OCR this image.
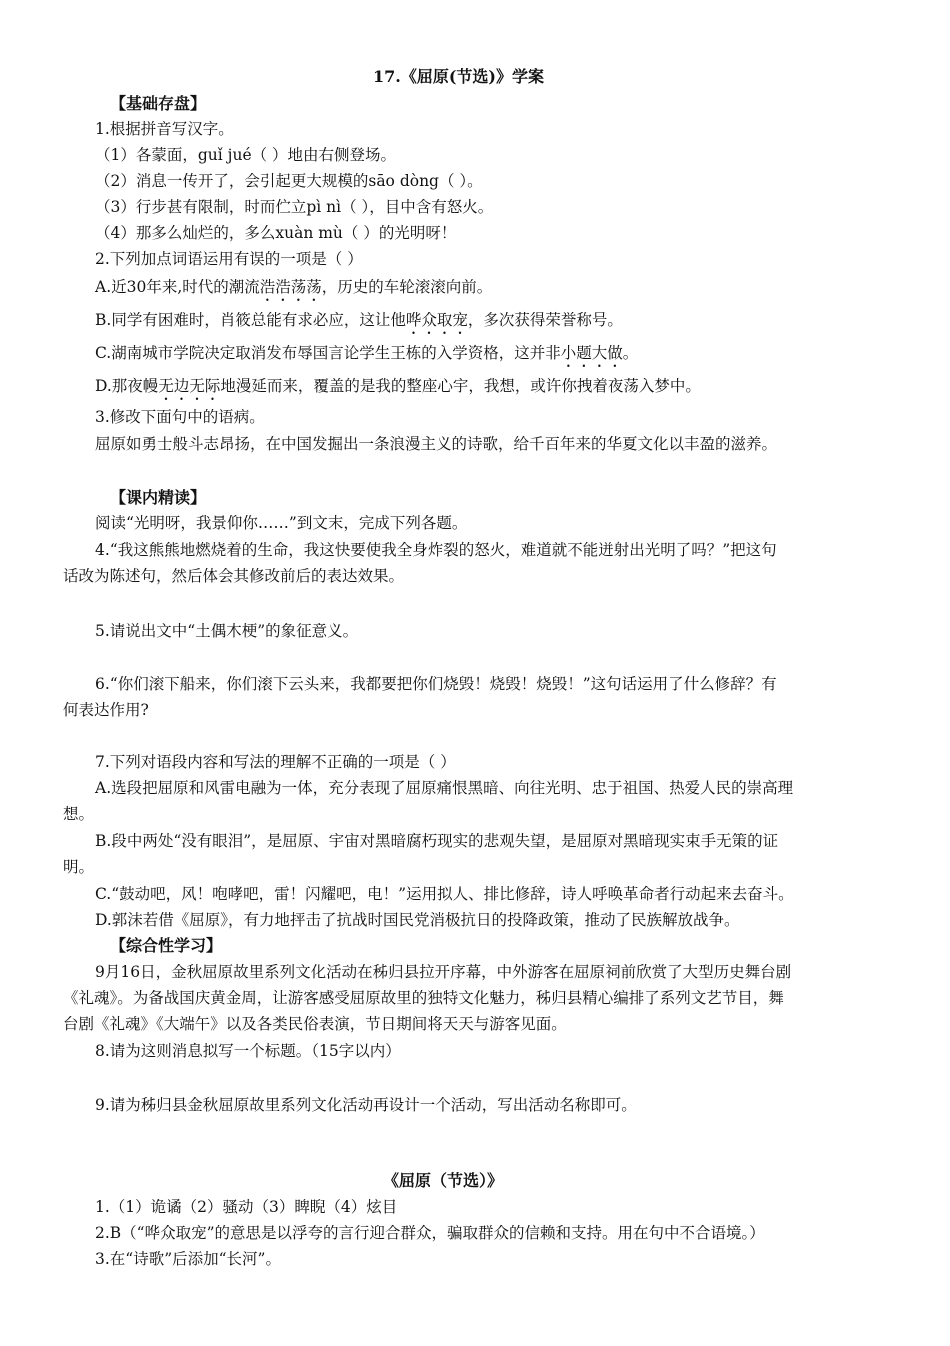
17.《屈原(节选)》学案
【基础存盘】
1.根据拼音写汉字。
（1）各蒙面，guǐ jué（ ）地由右侧登场。
（2）消息一传开了，会引起更大规模的sāo dòng（ ）。
（3）行步甚有限制，时而伫立pì nì（ ），目中含有怒火。
（4）那多么灿烂的，多么xuàn mù（ ）的光明呀！
2.下列加点词语运用有误的一项是（ ）
A.近30年来,时代的潮流浩浩荡荡，历史的车轮滚滚向前。
B.同学有困难时，肖筱总能有求必应，这让他哗众取宠，多次获得荣誉称号。
C.湖南城市学院决定取消发布辱国言论学生王栋的入学资格，这并非小题大做。
D.那夜幔无边无际地漫延而来，覆盖的是我的整座心宇，我想，或许你拽着夜荡入梦中。
3.修改下面句中的语病。
屈原如勇士般斗志昂扬，在中国发掘出一条浪漫主义的诗歌，给千百年来的华夏文化以丰盈的滋养。
【课内精读】
阅读“光明呀，我景仰你……”到文末，完成下列各题。
4.“我这熊熊地燃烧着的生命，我这快要使我全身炸裂的怒火，难道就不能迸射出光明了吗？”把这句
话改为陈述句，然后体会其修改前后的表达效果。
5.请说出文中“土偶木梗”的象征意义。
6.“你们滚下船来，你们滚下云头来，我都要把你们烧毁！烧毁！烧毁！”这句话运用了什么修辞？有
何表达作用?
7.下列对语段内容和写法的理解不正确的一项是（ ）
A.选段把屈原和风雷电融为一体，充分表现了屈原痛恨黑暗、向往光明、忠于祖国、热爱人民的崇高理
想。
B.段中两处“没有眼泪”，是屈原、宇宙对黑暗腐朽现实的悲观失望，是屈原对黑暗现实束手无策的证
明。
C.“鼓动吧，风！咆哮吧，雷！闪耀吧，电！”运用拟人、排比修辞，诗人呼唤革命者行动起来去奋斗。
D.郭沫若借《屈原》，有力地抨击了抗战时国民党消极抗日的投降政策，推动了民族解放战争。
【综合性学习】
9月16日，金秋屈原故里系列文化活动在秭归县拉开序幕，中外游客在屈原祠前欣赏了大型历史舞台剧
《礼魂》。为备战国庆黄金周，让游客感受屈原故里的独特文化魅力，秭归县精心编排了系列文艺节目，舞
台剧《礼魂》《大端午》以及各类民俗表演，节日期间将天天与游客见面。
8.请为这则消息拟写一个标题。（15字以内）
9.请为秭归县金秋屈原故里系列文化活动再设计一个活动，写出活动名称即可。
《屈原（节选）》
1.（1）诡谲（2）骚动（3）睥睨（4）炫目
2.B（“哗众取宠”的意思是以浮夸的言行迎合群众，骗取群众的信赖和支持。用在句中不合语境。）
3.在“诗歌”后添加“长河”。
